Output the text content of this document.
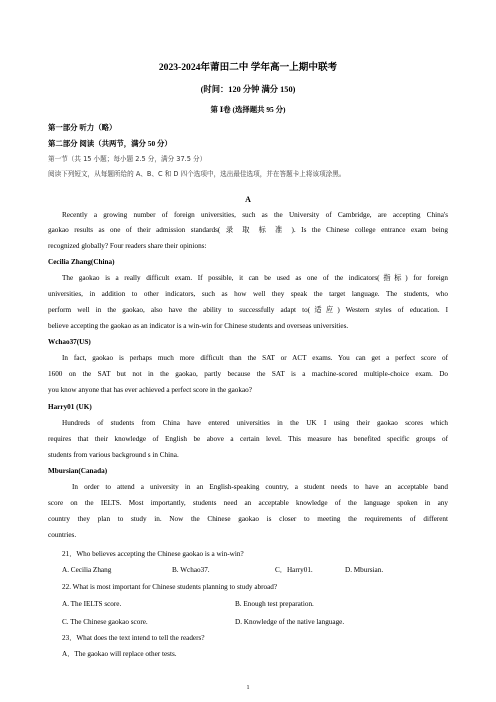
2023-2024年莆田二中 学年高一上期中联考
(时间：120 分钟 满分 150)
第 Ⅰ卷 (选择题共 95 分)
第一部分 听力（略）
第二部分 阅读（共两节，满分 50 分）
第一节（共 15 小题；每小题 2.5 分，满分 37.5 分）
阅读下列短文，从每题所给的 A、B、C 和 D 四个选项中，选出最佳选项，并在答题卡上将该项涂黑。
A
Recently a growing number of foreign universities, such as the University of Cambridge, are accepting China's
gaokao results as one of their admission standards( 录 取 标 准 ). Is the Chinese college entrance exam being
recognized globally? Four readers share their opinions:
Cecilia Zhang(China)
The gaokao is a really difficult exam. If possible, it can be used as one of the indicators(指标) for foreign
universities, in addition to other indicators, such as how well they speak the target language. The students, who
perform well in the gaokao, also have the ability to successfully adapt to(适应) Western styles of education. I
believe accepting the gaokao as an indicator is a win-win for Chinese students and overseas universities.
Wchao37(US)
In fact, gaokao is perhaps much more difficult than the SAT or ACT exams. You can get a perfect score of
1600 on the SAT but not in the gaokao, partly because the SAT is a machine-scored multiple-choice exam. Do
you know anyone that has ever achieved a perfect score in the gaokao?
Harry01 (UK)
Hundreds of students from China have entered universities in the UK I using their gaokao scores which
requires that their knowledge of English be above a certain level. This measure has benefited specific groups of
students from various background s in China.
Mbursian(Canada)
In order to attend a university in an English-speaking country, a student needs to have an acceptable band
score on the IELTS. Most importantly, students need an acceptable knowledge of the language spoken in any
country they plan to study in. Now the Chinese gaokao is closer to meeting the requirements of different
countries.
21．Who believes accepting the Chinese gaokao is a win-win?
A. Cecilia Zhang	B. Wchao37.	C．Harry01.	D. Mbursian.
22. What is most important for Chinese students planning to study abroad?
A. The IELTS score.	B. Enough test preparation.
C. The Chinese gaokao score.	D. Knowledge of the native language.
23．What does the text intend to tell the readers?
A．The gaokao will replace other tests.
1
